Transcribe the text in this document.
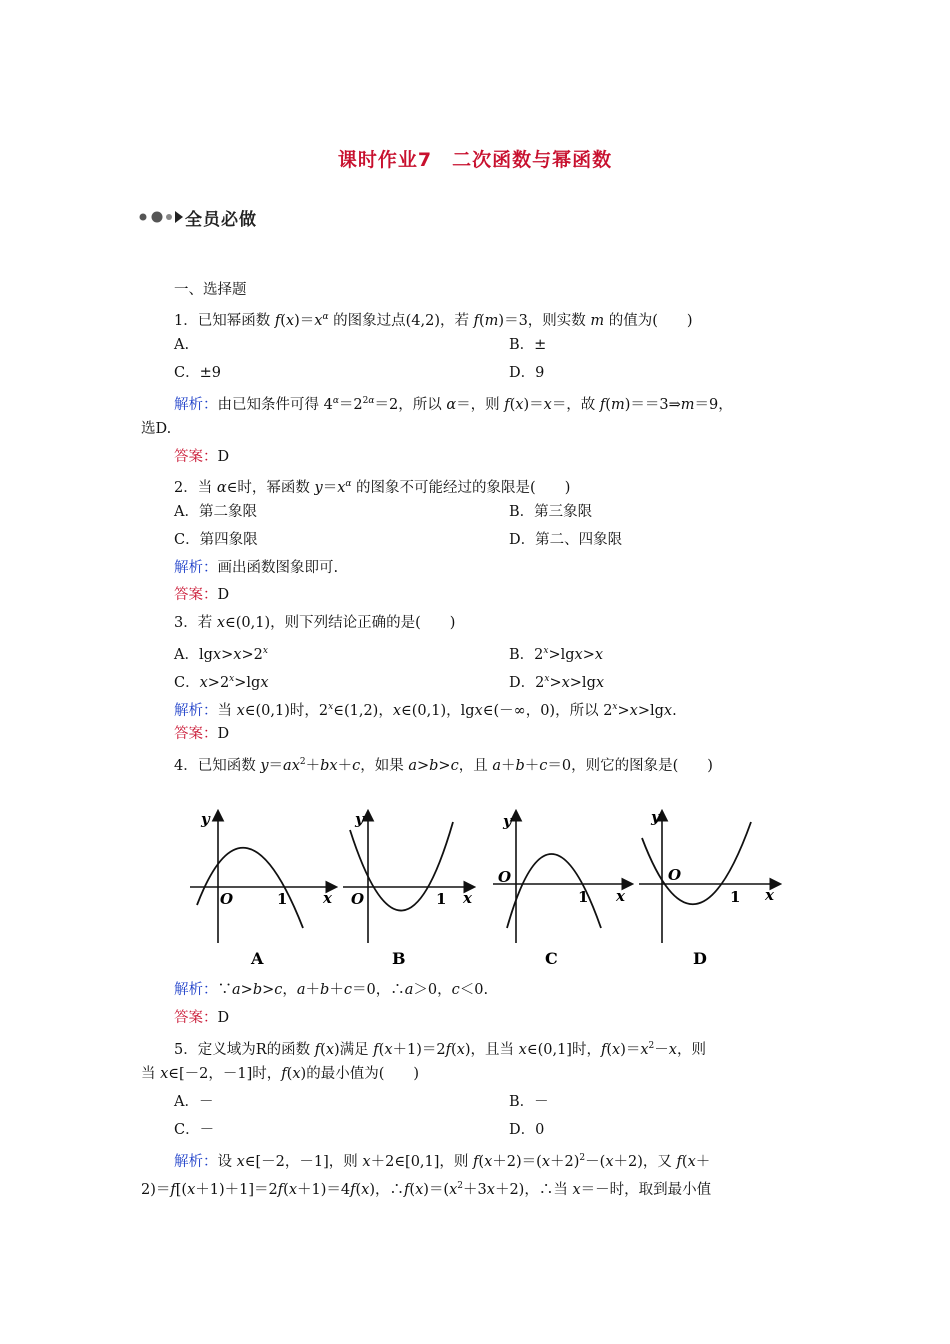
课时作业7　二次函数与幂函数
全员必做
一、选择题
1．已知幂函数 $f(x)=x^\alpha$ 的图象过点(4,2)，若 f(m)＝3，则实数 m 的值为(　　)
A.	B．±
C．±9	D．9
解析：由已知条件可得 $4^\alpha=2^{2\alpha}=2$，所以 α＝，则 f(x)＝x＝，故 f(m)＝＝3⇒m＝9，
选D.
答案：D
2．当 α∈时，幂函数 $y=x^\alpha$ 的图象不可能经过的象限是(　　)
A．第二象限	B．第三象限
C．第四象限	D．第二、四象限
解析：画出函数图象即可.
答案：D
3．若 x∈(0,1)，则下列结论正确的是(　　)
A．$\lg x>x>2^x$	B．$2^x>\lg x>x$
C．$x>2^x>\lg x$	D．$2^x>x>\lg x$
解析：当 x∈(0,1)时，2$^x$∈(1,2)，x∈(0,1)，lgx∈(－∞，0)，所以 $2^x>x>\lg x$.
答案：D
4．已知函数 $y=ax^2+bx+c$，如果 a>b>c，且 a＋b＋c＝0，则它的图象是(　　)
y
x
O	1
A
y
x
O	1
B
y
x
O
1
C
y
x
O
1
D
解析：∵a>b>c，a＋b＋c＝0，∴a＞0，c＜0.
答案：D
5．定义域为R的函数 f(x)满足 f(x＋1)＝2f(x)，且当 x∈(0,1]时，$f(x)=x^2-x$，则
当 x∈[－2，－1]时，f(x)的最小值为(　　)
A．－	B．－
C．－	D．0
解析：设 x∈[－2，－1]，则 x＋2∈[0,1]，则 $f(x+2)=(x+2)^2-(x+2)$，又 f(x＋
2)＝f[(x＋1)＋1]＝2f(x＋1)＝4f(x)，$\therefore f(x)=(x^2+3x+2)$，∴当 x＝－时，取到最小值
